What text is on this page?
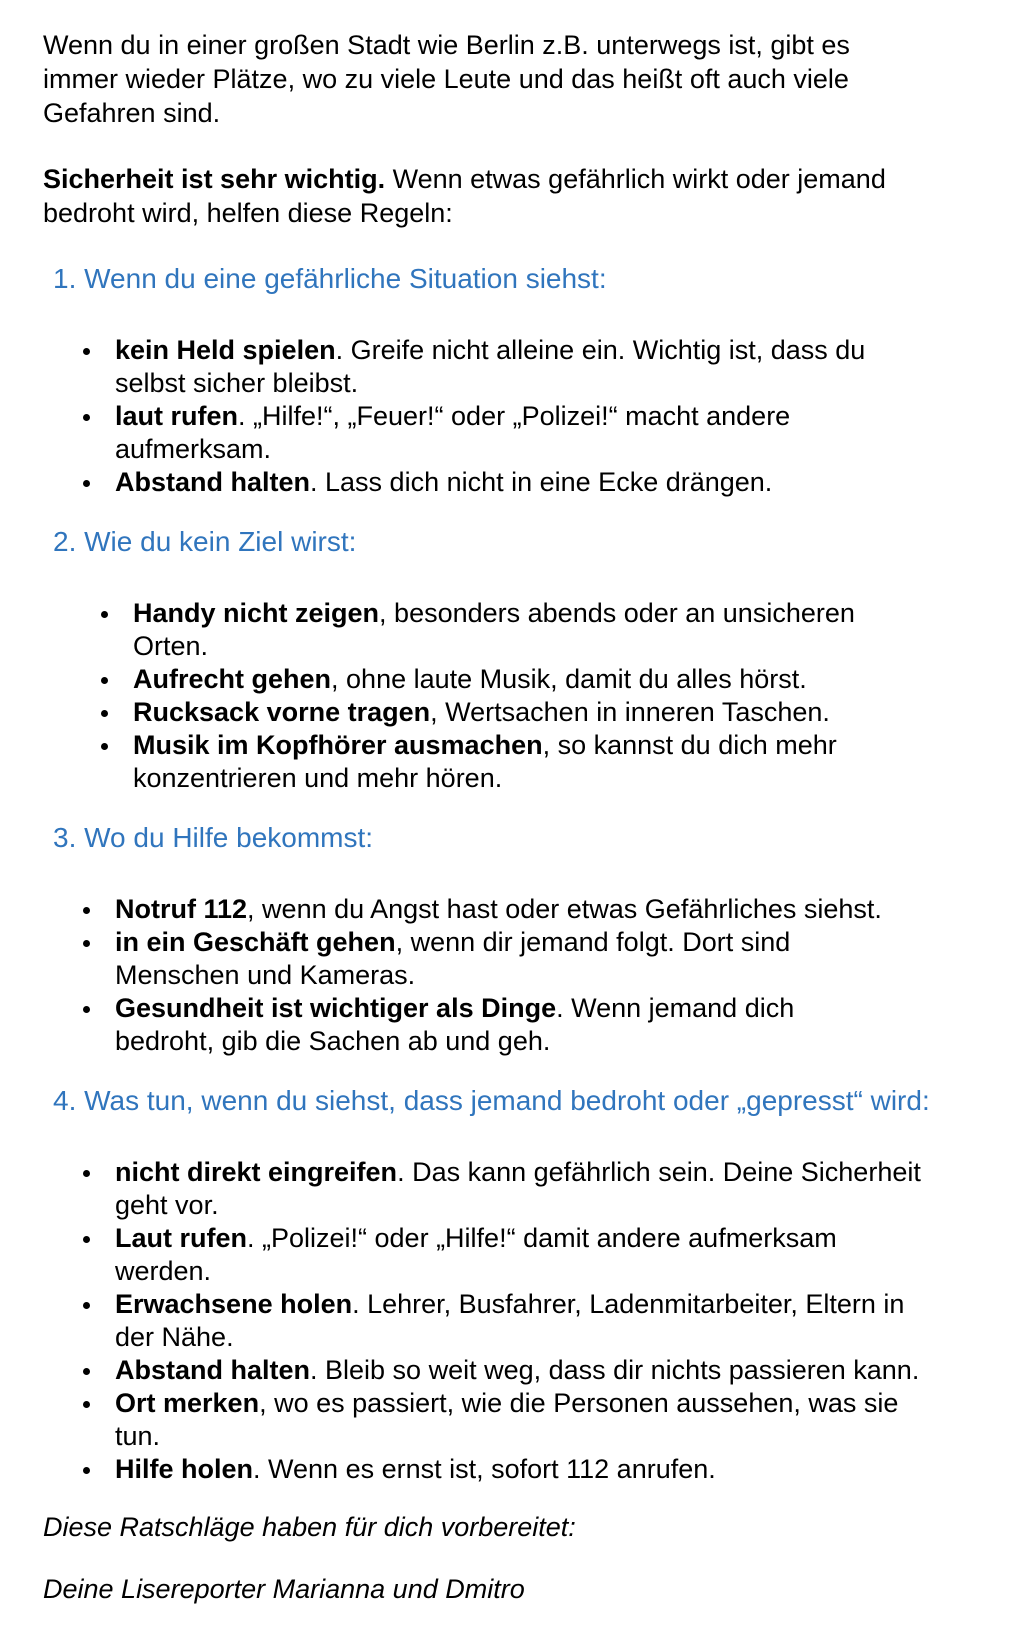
Wenn du in einer großen Stadt wie Berlin z.B. unterwegs ist, gibt es immer wieder Plätze, wo zu viele Leute und das heißt oft auch viele Gefahren sind.

Sicherheit ist sehr wichtig. Wenn etwas gefährlich wirkt oder jemand bedroht wird, helfen diese Regeln:

1. Wenn du eine gefährliche Situation siehst:
kein Held spielen. Greife nicht alleine ein. Wichtig ist, dass du selbst sicher bleibst.
laut rufen. „Hilfe!“, „Feuer!“ oder „Polizei!“ macht andere aufmerksam.
Abstand halten. Lass dich nicht in eine Ecke drängen.
2. Wie du kein Ziel wirst:
Handy nicht zeigen, besonders abends oder an unsicheren Orten.
Aufrecht gehen, ohne laute Musik, damit du alles hörst.
Rucksack vorne tragen, Wertsachen in inneren Taschen.
Musik im Kopfhörer ausmachen, so kannst du dich mehr konzentrieren und mehr hören.
3. Wo du Hilfe bekommst:
Notruf 112, wenn du Angst hast oder etwas Gefährliches siehst.
in ein Geschäft gehen, wenn dir jemand folgt. Dort sind Menschen und Kameras.
Gesundheit ist wichtiger als Dinge. Wenn jemand dich bedroht, gib die Sachen ab und geh.
4. Was tun, wenn du siehst, dass jemand bedroht oder „gepresst“ wird:
nicht direkt eingreifen. Das kann gefährlich sein. Deine Sicherheit geht vor.
Laut rufen. „Polizei!“ oder „Hilfe!“ damit andere aufmerksam werden.
Erwachsene holen. Lehrer, Busfahrer, Ladenmitarbeiter, Eltern in der Nähe.
Abstand halten. Bleib so weit weg, dass dir nichts passieren kann.
Ort merken, wo es passiert, wie die Personen aussehen, was sie tun.
Hilfe holen. Wenn es ernst ist, sofort 112 anrufen.

Diese Ratschläge haben für dich vorbereitet:

Deine Lisereporter Marianna und Dmitro
